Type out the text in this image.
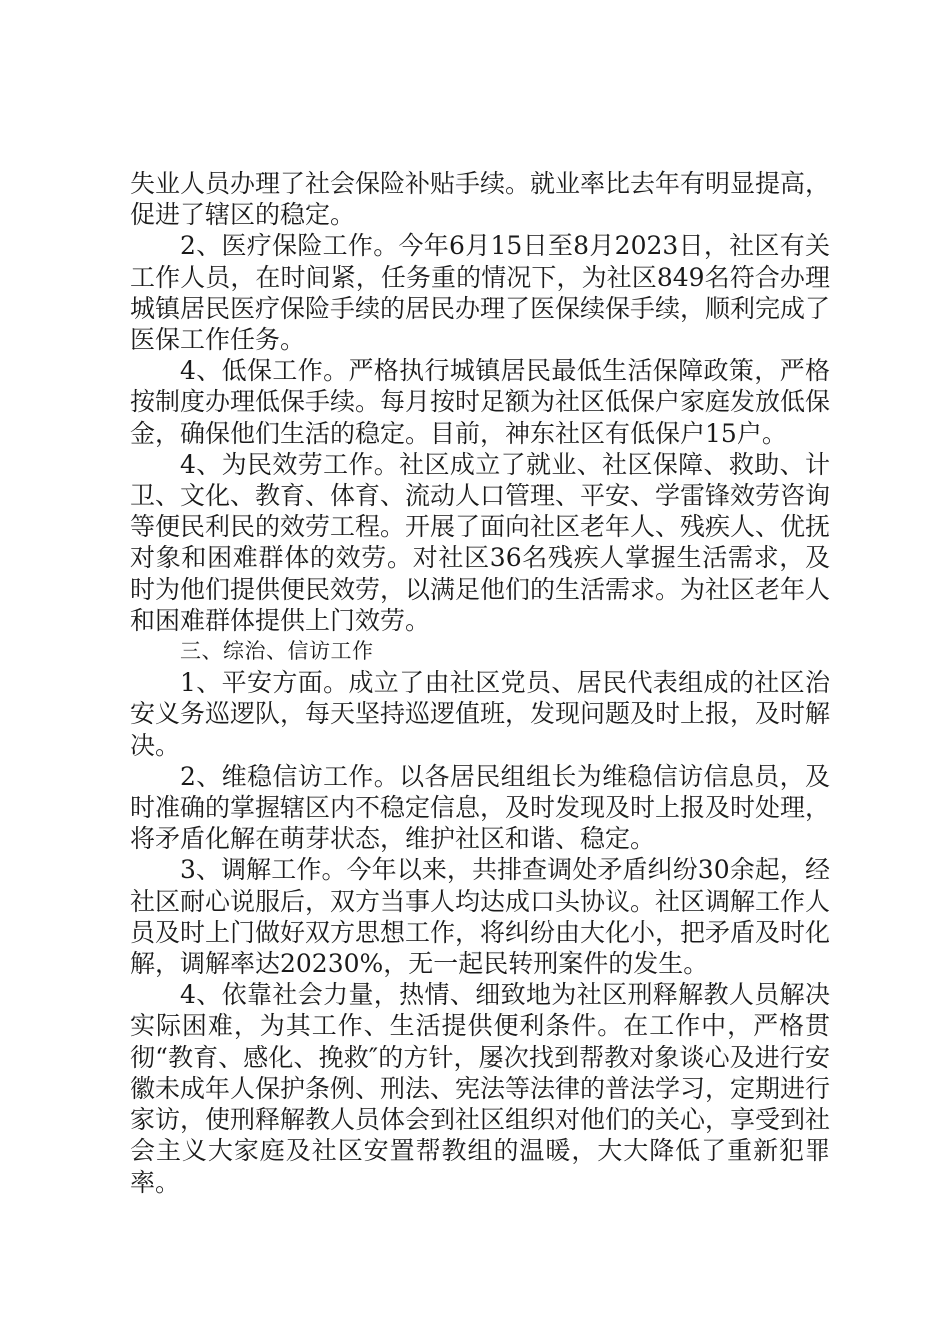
失业人员办理了社会保险补贴手续。就业率比去年有明显提高，促进了辖区的稳定。

2、医疗保险工作。今年6月15日至8月2023日，社区有关工作人员，在时间紧，任务重的情况下，为社区849名符合办理城镇居民医疗保险手续的居民办理了医保续保手续，顺利完成了医保工作任务。

4、低保工作。严格执行城镇居民最低生活保障政策，严格按制度办理低保手续。每月按时足额为社区低保户家庭发放低保金，确保他们生活的稳定。目前，神东社区有低保户15户。

4、为民效劳工作。社区成立了就业、社区保障、救助、计卫、文化、教育、体育、流动人口管理、平安、学雷锋效劳咨询等便民利民的效劳工程。开展了面向社区老年人、残疾人、优抚对象和困难群体的效劳。对社区36名残疾人掌握生活需求，及时为他们提供便民效劳，以满足他们的生活需求。为社区老年人和困难群体提供上门效劳。

三、综治、信访工作

1、平安方面。成立了由社区党员、居民代表组成的社区治安义务巡逻队，每天坚持巡逻值班，发现问题及时上报，及时解决。

2、维稳信访工作。以各居民组组长为维稳信访信息员，及时准确的掌握辖区内不稳定信息，及时发现及时上报及时处理，将矛盾化解在萌芽状态，维护社区和谐、稳定。

3、调解工作。今年以来，共排查调处矛盾纠纷30余起，经社区耐心说服后，双方当事人均达成口头协议。社区调解工作人员及时上门做好双方思想工作，将纠纷由大化小，把矛盾及时化解，调解率达20230%，无一起民转刑案件的发生。

4、依靠社会力量，热情、细致地为社区刑释解教人员解决实际困难，为其工作、生活提供便利条件。在工作中，严格贯彻“教育、感化、挽救″的方针，屡次找到帮教对象谈心及进行安徽未成年人保护条例、刑法、宪法等法律的普法学习，定期进行家访，使刑释解教人员体会到社区组织对他们的关心，享受到社会主义大家庭及社区安置帮教组的温暖，大大降低了重新犯罪率。
